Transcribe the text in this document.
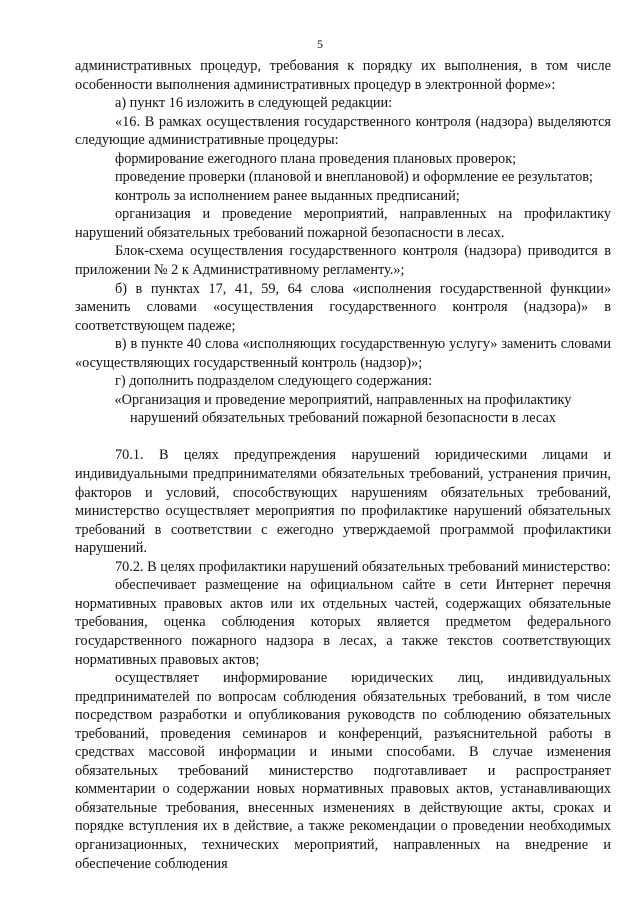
5

административных процедур, требования к порядку их выполнения, в том числе особенности выполнения административных процедур в электронной форме»:

а) пункт 16 изложить в следующей редакции:

«16. В рамках осуществления государственного контроля (надзора) выделяются следующие административные процедуры:

формирование ежегодного плана проведения плановых проверок;

проведение проверки (плановой и внеплановой) и оформление ее результатов;

контроль за исполнением ранее выданных предписаний;

организация и проведение мероприятий, направленных на профилактику нарушений обязательных требований пожарной безопасности в лесах.

Блок-схема осуществления государственного контроля (надзора) приводится в приложении № 2 к Административному регламенту.»;

б) в пунктах 17, 41, 59, 64 слова «исполнения государственной функции» заменить словами «осуществления государственного контроля (надзора)» в соответствующем падеже;

в) в пункте 40 слова «исполняющих государственную услугу» заменить словами «осуществляющих государственный контроль (надзор)»;

г) дополнить подразделом следующего содержания:

«Организация и проведение мероприятий, направленных на профилактику

нарушений обязательных требований пожарной безопасности в лесах

70.1. В целях предупреждения нарушений юридическими лицами и индивидуальными предпринимателями обязательных требований, устранения причин, факторов и условий, способствующих нарушениям обязательных требований, министерство осуществляет мероприятия по профилактике нарушений обязательных требований в соответствии с ежегодно утверждаемой программой профилактики нарушений.

70.2. В целях профилактики нарушений обязательных требований министерство:

обеспечивает размещение на официальном сайте в сети Интернет перечня нормативных правовых актов или их отдельных частей, содержащих обязательные требования, оценка соблюдения которых является предметом федерального государственного пожарного надзора в лесах, а также текстов соответствующих нормативных правовых актов;

осуществляет информирование юридических лиц, индивидуальных предпринимателей по вопросам соблюдения обязательных требований, в том числе посредством разработки и опубликования руководств по соблюдению обязательных требований, проведения семинаров и конференций, разъяснительной работы в средствах массовой информации и иными способами. В случае изменения обязательных требований министерство подготавливает и распространяет комментарии о содержании новых нормативных правовых актов, устанавливающих обязательные требования, внесенных изменениях в действующие акты, сроках и порядке вступления их в действие, а также рекомендации о проведении необходимых организационных, технических мероприятий, направленных на внедрение и обеспечение соблюдения
